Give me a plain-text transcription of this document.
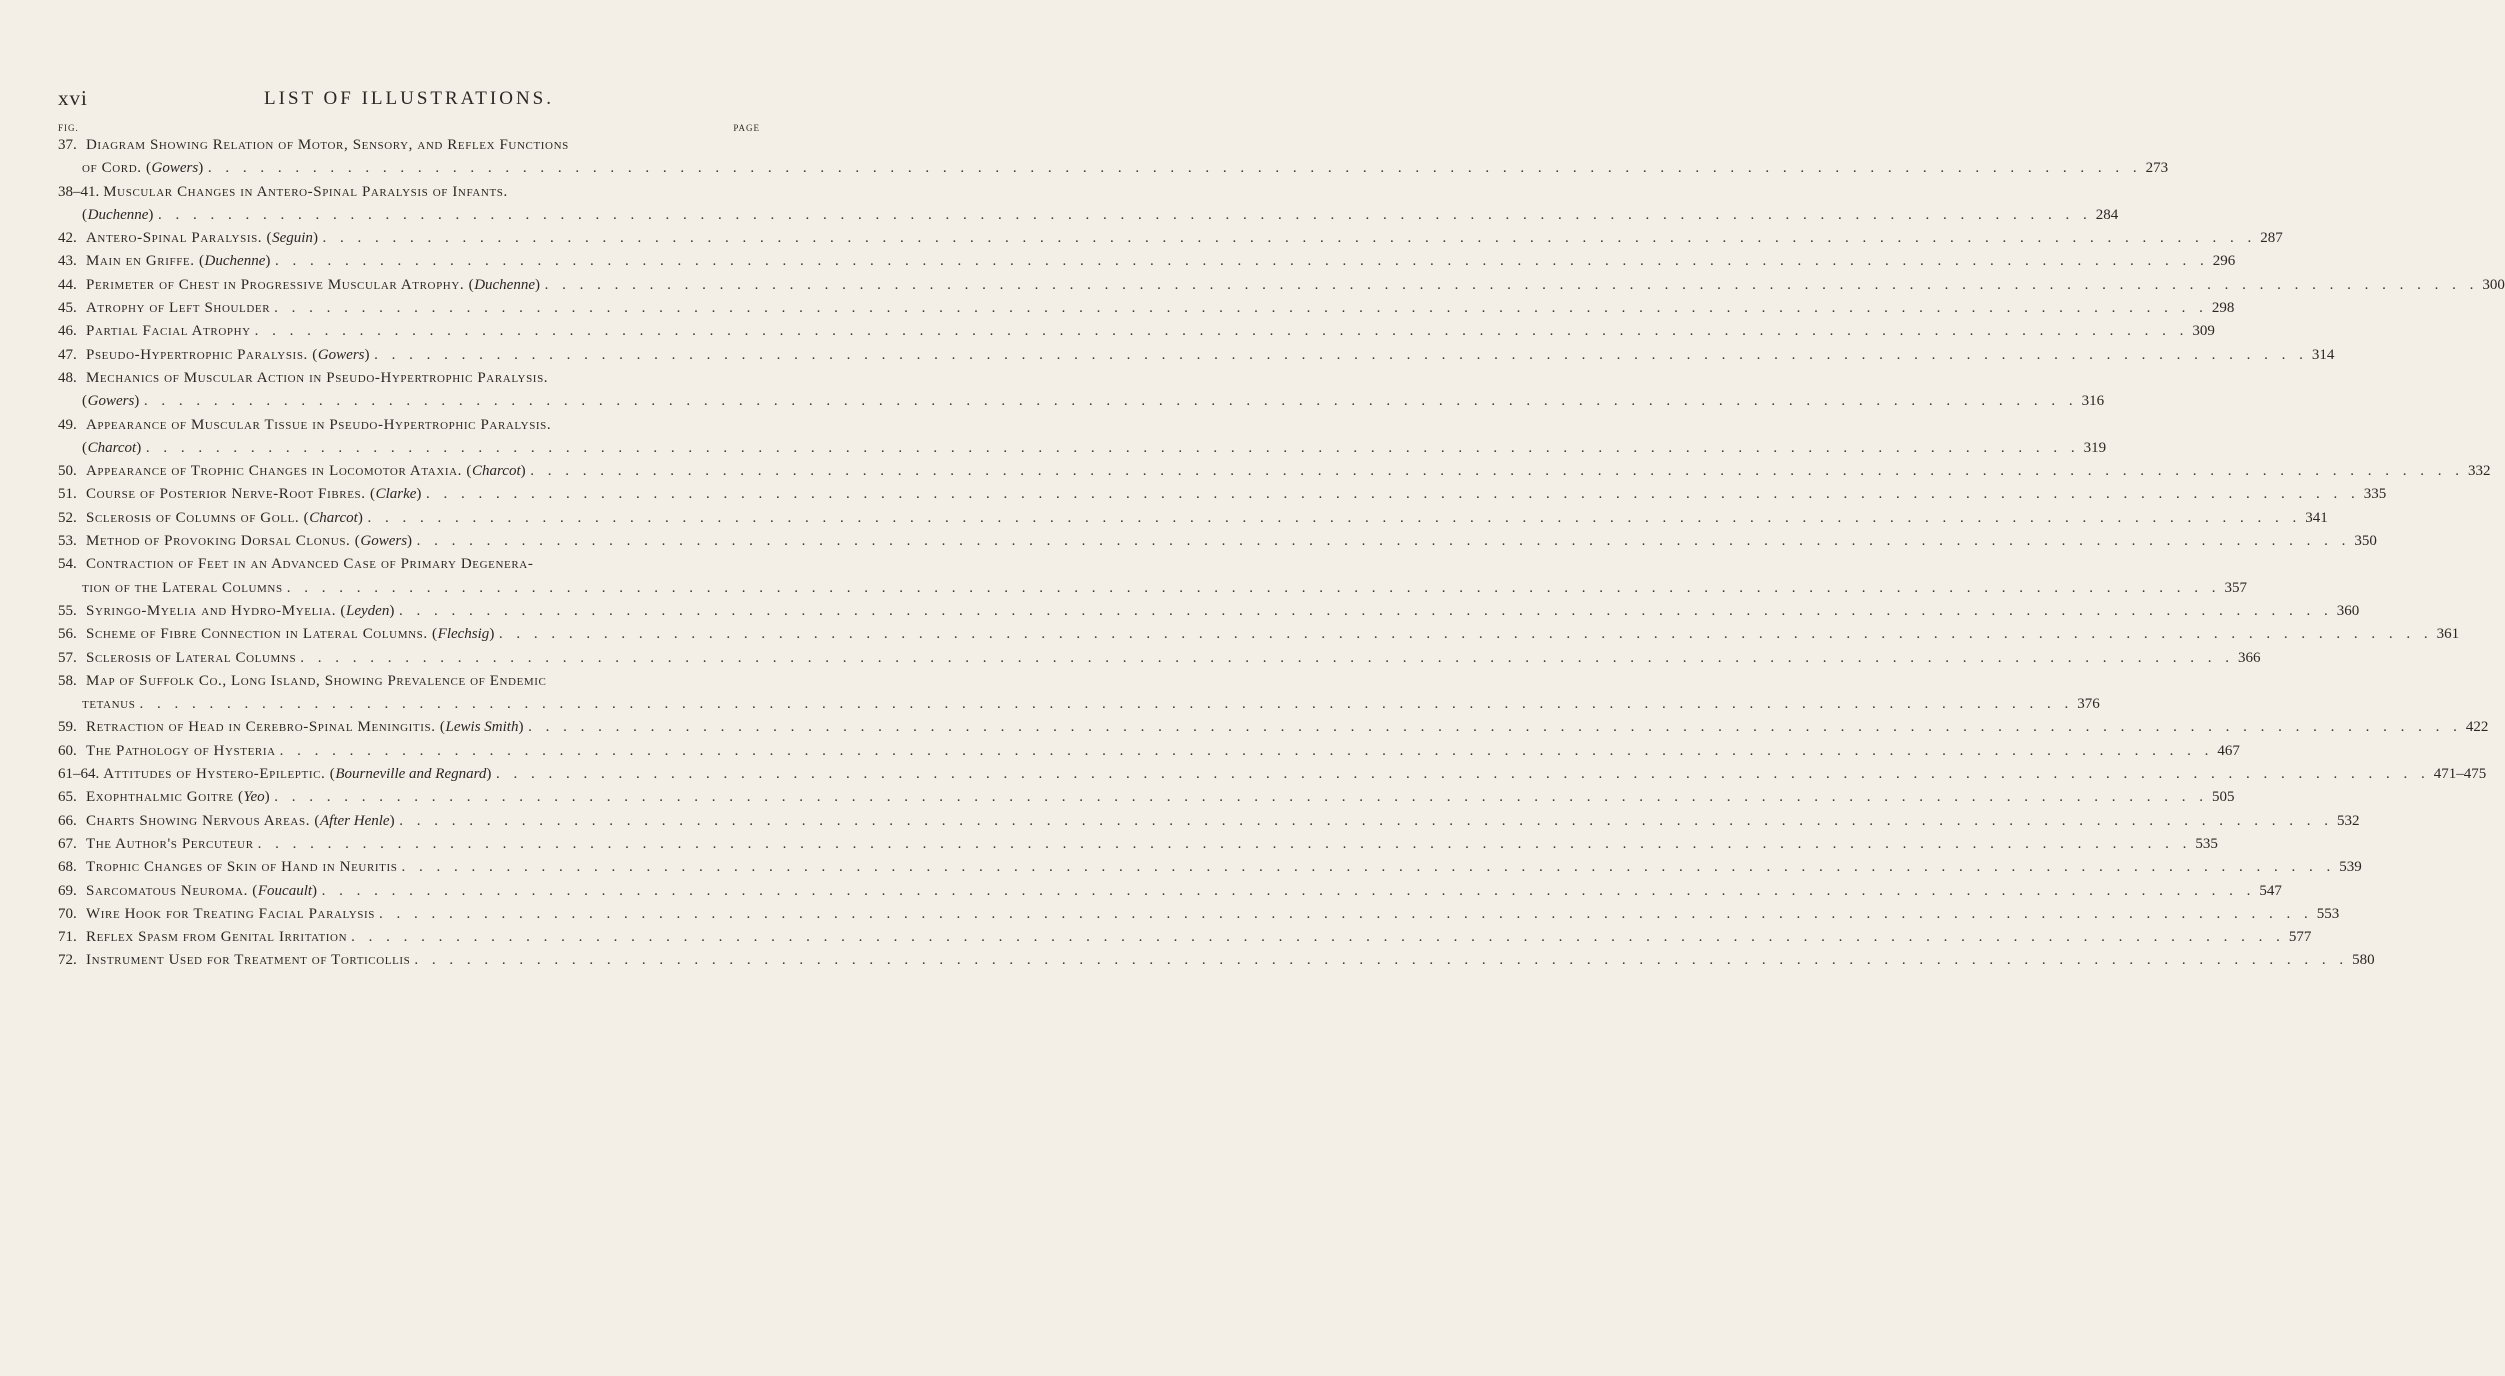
xvi	LIST OF ILLUSTRATIONS.
FIG.	PAGE
37. Diagram Showing Relation of Motor, Sensory, and Reflex Functions
of Cord. (Gowers) . . .	273
38–41. Muscular Changes in Antero-Spinal Paralysis of Infants.
(Duchenne) . . .	284
42. Antero-Spinal Paralysis. (Seguin) . . .	287
43. Main en Griffe. (Duchenne) . . .	296
44. Perimeter of Chest in Progressive Muscular Atrophy. (Duchenne) . . .	300
45. Atrophy of Left Shoulder . . .	298
46. Partial Facial Atrophy . . .	309
47. Pseudo-Hypertrophic Paralysis. (Gowers) . . .	314
48. Mechanics of Muscular Action in Pseudo-Hypertrophic Paralysis.
(Gowers) . . .	316
49. Appearance of Muscular Tissue in Pseudo-Hypertrophic Paralysis.
(Charcot) . . .	319
50. Appearance of Trophic Changes in Locomotor Ataxia. (Charcot) . . .	332
51. Course of Posterior Nerve-Root Fibres. (Clarke) . . .	335
52. Sclerosis of Columns of Goll. (Charcot) . . .	341
53. Method of Provoking Dorsal Clonus. (Gowers) . . .	350
54. Contraction of Feet in an Advanced Case of Primary Degenera-
tion of the Lateral Columns . . .	357
55. Syringo-Myelia and Hydro-Myelia. (Leyden) . . .	360
56. Scheme of Fibre Connection in Lateral Columns. (Flechsig) . . .	361
57. Sclerosis of Lateral Columns . . .	366
58. Map of Suffolk Co., Long Island, Showing Prevalence of Endemic
tetanus . . .	376
59. Retraction of Head in Cerebro-Spinal Meningitis. (Lewis Smith) . . .	422
60. The Pathology of Hysteria . . .	467
61–64. Attitudes of Hystero-Epileptic. (Bourneville and Regnard) . . .	471–475
65. Exophthalmic Goitre (Yeo) . . .	505
66. Charts Showing Nervous Areas. (After Henle) . . .	532
67. The Author's Percuteur . . .	535
68. Trophic Changes of Skin of Hand in Neuritis . . .	539
69. Sarcomatous Neuroma. (Foucault) . . .	547
70. Wire Hook for Treating Facial Paralysis . . .	553
71. Reflex Spasm from Genital Irritation . . .	577
72. Instrument Used for Treatment of Torticollis . . .	580
